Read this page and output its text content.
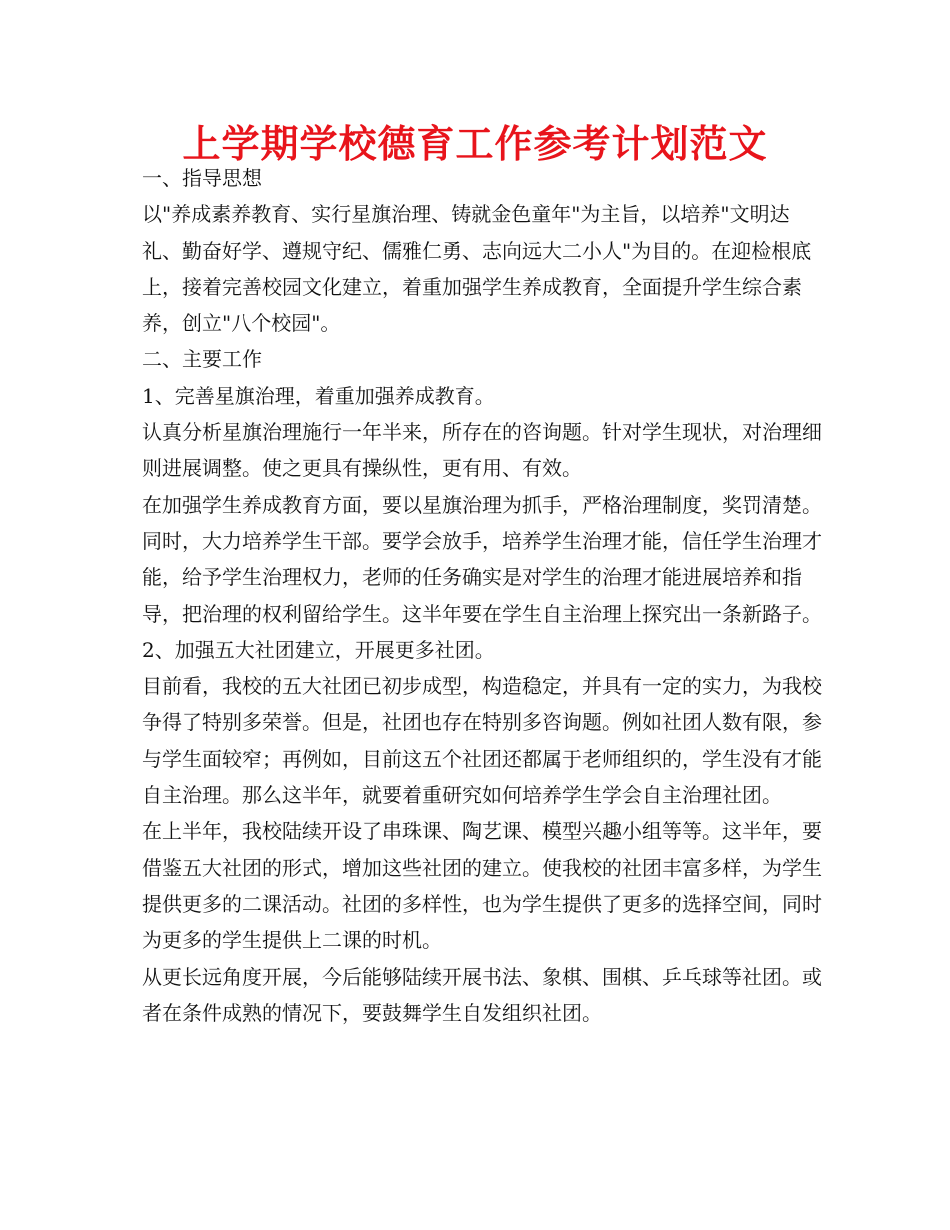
上学期学校德育工作参考计划范文

一、指导思想

以"养成素养教育、实行星旗治理、铸就金色童年"为主旨，以培养"文明达礼、勤奋好学、遵规守纪、儒雅仁勇、志向远大二小人"为目的。在迎检根底上，接着完善校园文化建立，着重加强学生养成教育，全面提升学生综合素养，创立"八个校园"。

二、主要工作

1、完善星旗治理，着重加强养成教育。

认真分析星旗治理施行一年半来，所存在的咨询题。针对学生现状，对治理细则进展调整。使之更具有操纵性，更有用、有效。

在加强学生养成教育方面，要以星旗治理为抓手，严格治理制度，奖罚清楚。同时，大力培养学生干部。要学会放手，培养学生治理才能，信任学生治理才能，给予学生治理权力，老师的任务确实是对学生的治理才能进展培养和指导，把治理的权利留给学生。这半年要在学生自主治理上探究出一条新路子。

2、加强五大社团建立，开展更多社团。

目前看，我校的五大社团已初步成型，构造稳定，并具有一定的实力，为我校争得了特别多荣誉。但是，社团也存在特别多咨询题。例如社团人数有限，参与学生面较窄；再例如，目前这五个社团还都属于老师组织的，学生没有才能自主治理。那么这半年，就要着重研究如何培养学生学会自主治理社团。

在上半年，我校陆续开设了串珠课、陶艺课、模型兴趣小组等等。这半年，要借鉴五大社团的形式，增加这些社团的建立。使我校的社团丰富多样，为学生提供更多的二课活动。社团的多样性，也为学生提供了更多的选择空间，同时为更多的学生提供上二课的时机。

从更长远角度开展，今后能够陆续开展书法、象棋、围棋、乒乓球等社团。或者在条件成熟的情况下，要鼓舞学生自发组织社团。
